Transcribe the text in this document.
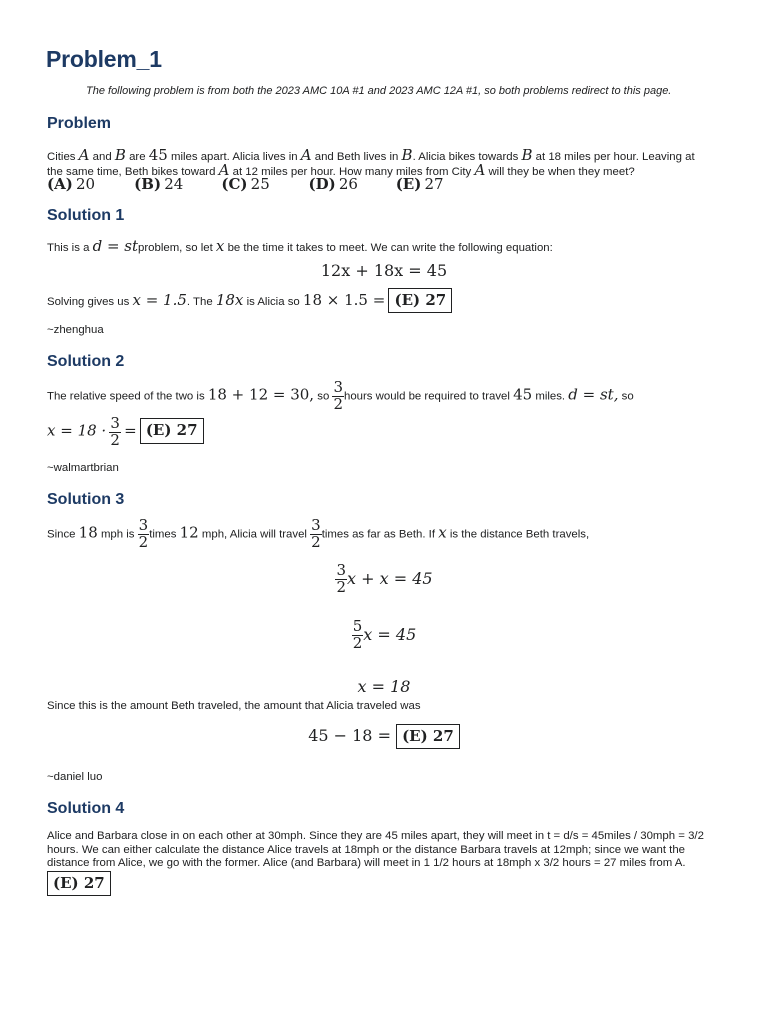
Problem_1
The following problem is from both the 2023 AMC 10A #1 and 2023 AMC 12A #1, so both problems redirect to this page.
Problem
Cities A and B are 45 miles apart. Alicia lives in A and Beth lives in B. Alicia bikes towards B at 18 miles per hour. Leaving at
the same time, Beth bikes toward A at 12 miles per hour. How many miles from City A will they be when they meet?
(A) 20	(B) 24	(C) 25	(D) 26	(E) 27
Solution 1
This is a d = stproblem, so let x be the time it takes to meet. We can write the following equation:
12x + 18x = 45
Solving gives us x = 1.5. The 18x is Alicia so 18 × 1.5 = (E) 27
~zhenghua
Solution 2
The relative speed of the two is 18 + 12 = 30, so $\frac{3}{2}$ hours would be required to travel 45 miles. d = st, so
$x = 18 \cdot \frac{3}{2} = (E)$ 27
~walmartbrian
Solution 3
Since 18 mph is $\frac{3}{2}$ times 12 mph, Alicia will travel $\frac{3}{2}$ times as far as Beth. If x is the distance Beth travels,
$\frac{3}{2}$ x + x = 45
$\frac{5}{2}$ x = 45
x = 18
Since this is the amount Beth traveled, the amount that Alicia traveled was
45 − 18 = (E) 27
~daniel luo
Solution 4
Alice and Barbara close in on each other at 30mph. Since they are 45 miles apart, they will meet in t = d/s = 45miles / 30mph = 3/2
hours. We can either calculate the distance Alice travels at 18mph or the distance Barbara travels at 12mph; since we want the
distance from Alice, we go with the former. Alice (and Barbara) will meet in 1 1/2 hours at 18mph x 3/2 hours = 27 miles from A.
(E) 27
